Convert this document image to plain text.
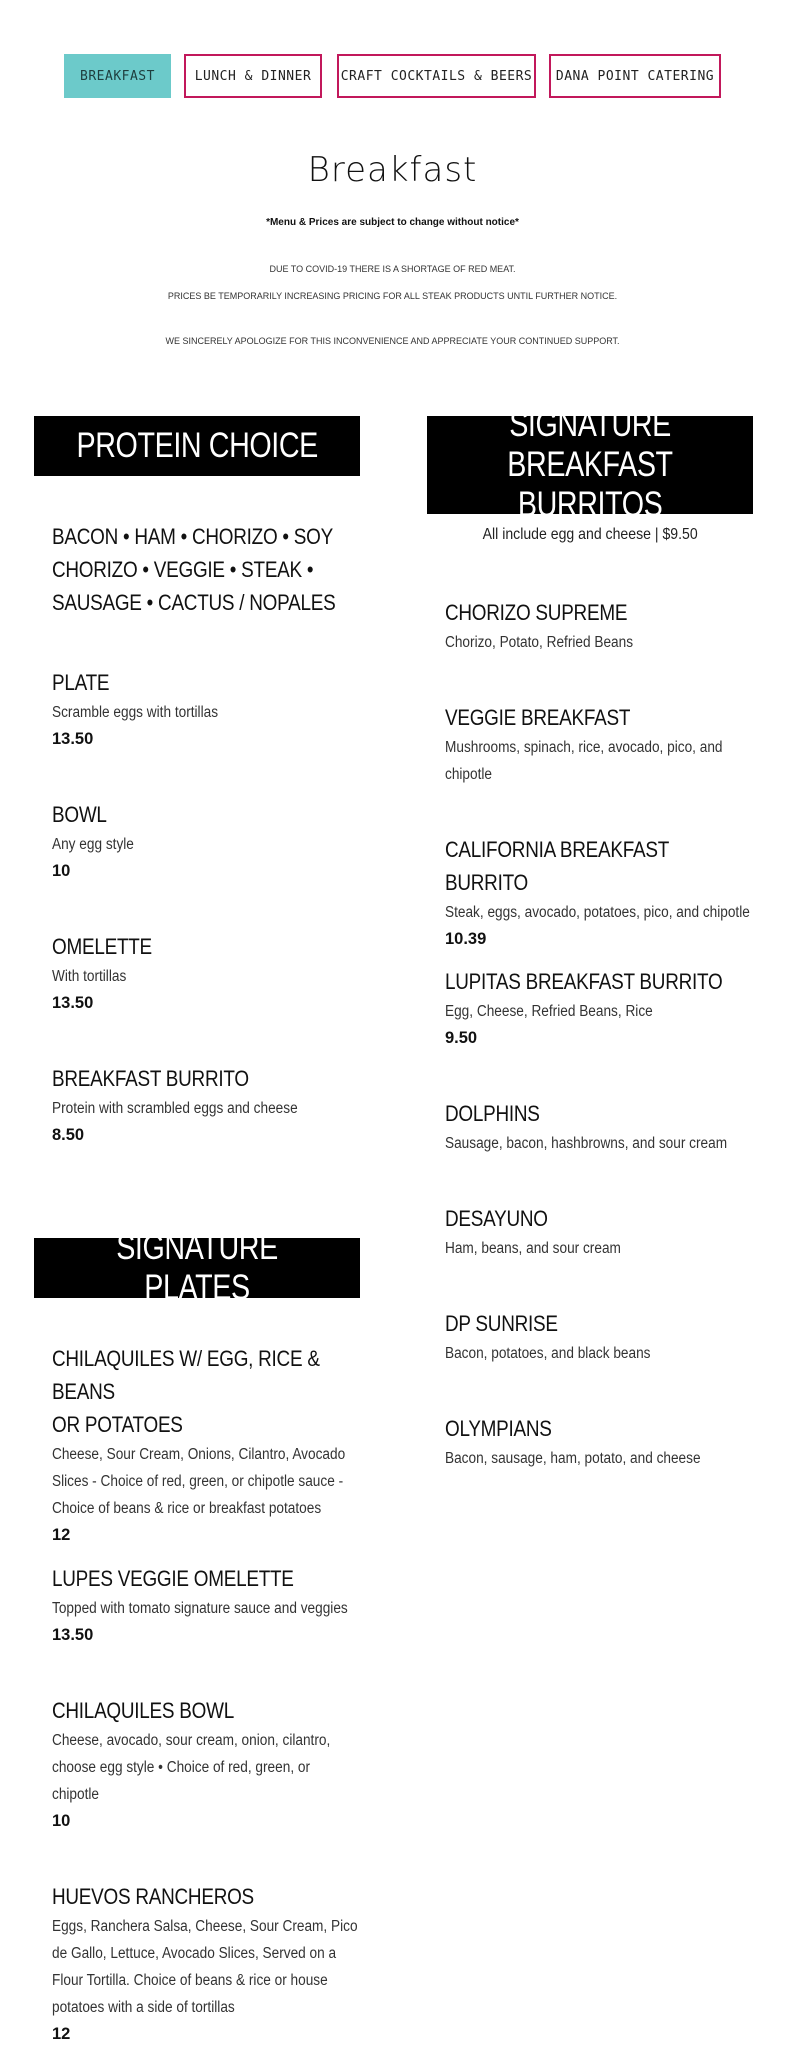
BREAKFAST	LUNCH & DINNER	CRAFT COCKTAILS & BEERS	DANA POINT CATERING
Breakfast
*Menu & Prices are subject to change without notice*
DUE TO COVID-19 THERE IS A SHORTAGE OF RED MEAT.
PRICES BE TEMPORARILY INCREASING PRICING FOR ALL STEAK PRODUCTS UNTIL FURTHER NOTICE.
WE SINCERELY APOLOGIZE FOR THIS INCONVENIENCE AND APPRECIATE YOUR CONTINUED SUPPORT.
PROTEIN CHOICE
BACON • HAM • CHORIZO • SOY
CHORIZO • VEGGIE • STEAK •
SAUSAGE • CACTUS / NOPALES
PLATE
Scramble eggs with tortillas
13.50
BOWL
Any egg style
10
OMELETTE
With tortillas
13.50
BREAKFAST BURRITO
Protein with scrambled eggs and cheese
8.50
SIGNATURE PLATES
CHILAQUILES W/ EGG, RICE & BEANS
OR POTATOES
Cheese, Sour Cream, Onions, Cilantro, Avocado
Slices - Choice of red, green, or chipotle sauce -
Choice of beans & rice or breakfast potatoes
12
LUPES VEGGIE OMELETTE
Topped with tomato signature sauce and veggies
13.50
CHILAQUILES BOWL
Cheese, avocado, sour cream, onion, cilantro,
choose egg style • Choice of red, green, or
chipotle
10
HUEVOS RANCHEROS
Eggs, Ranchera Salsa, Cheese, Sour Cream, Pico
de Gallo, Lettuce, Avocado Slices, Served on a
Flour Tortilla. Choice of beans & rice or house
potatoes with a side of tortillas
12
SIGNATURE BREAKFAST
BURRITOS
All include egg and cheese | $9.50
CHORIZO SUPREME
Chorizo, Potato, Refried Beans
VEGGIE BREAKFAST
Mushrooms, spinach, rice, avocado, pico, and
chipotle
CALIFORNIA BREAKFAST BURRITO
Steak, eggs, avocado, potatoes, pico, and chipotle
10.39
LUPITAS BREAKFAST BURRITO
Egg, Cheese, Refried Beans, Rice
9.50
DOLPHINS
Sausage, bacon, hashbrowns, and sour cream
DESAYUNO
Ham, beans, and sour cream
DP SUNRISE
Bacon, potatoes, and black beans
OLYMPIANS
Bacon, sausage, ham, potato, and cheese
